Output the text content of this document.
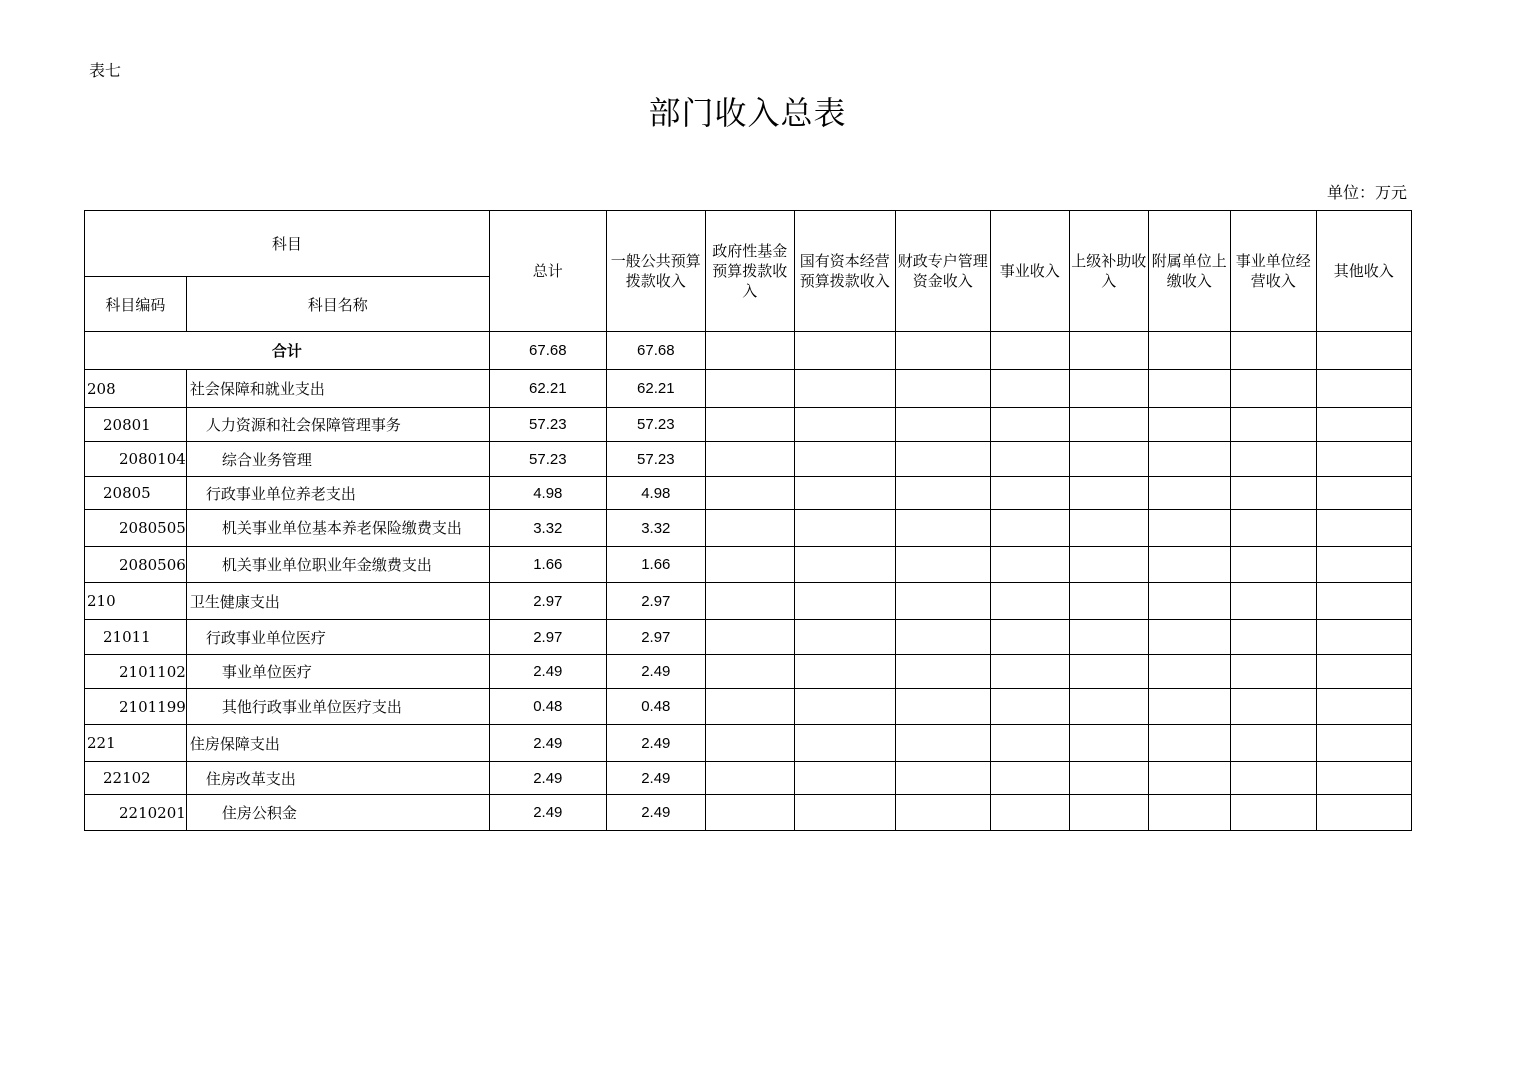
表七
部门收入总表
单位：万元
科目		总计	一般公共预算拨款收入	政府性基金预算拨款收入	国有资本经营预算拨款收入	财政专户管理资金收入	事业收入	上级补助收入	附属单位上缴收入	事业单位经营收入	其他收入
科目编码	科目名称										
合计		67.68	67.68								
208	社会保障和就业支出	62.21	62.21								
20801	人力资源和社会保障管理事务	57.23	57.23								
2080104	综合业务管理	57.23	57.23								
20805	行政事业单位养老支出	4.98	4.98								
2080505	机关事业单位基本养老保险缴费支出	3.32	3.32								
2080506	机关事业单位职业年金缴费支出	1.66	1.66								
210	卫生健康支出	2.97	2.97								
21011	行政事业单位医疗	2.97	2.97								
2101102	事业单位医疗	2.49	2.49								
2101199	其他行政事业单位医疗支出	0.48	0.48								
221	住房保障支出	2.49	2.49								
22102	住房改革支出	2.49	2.49								
2210201	住房公积金	2.49	2.49								
